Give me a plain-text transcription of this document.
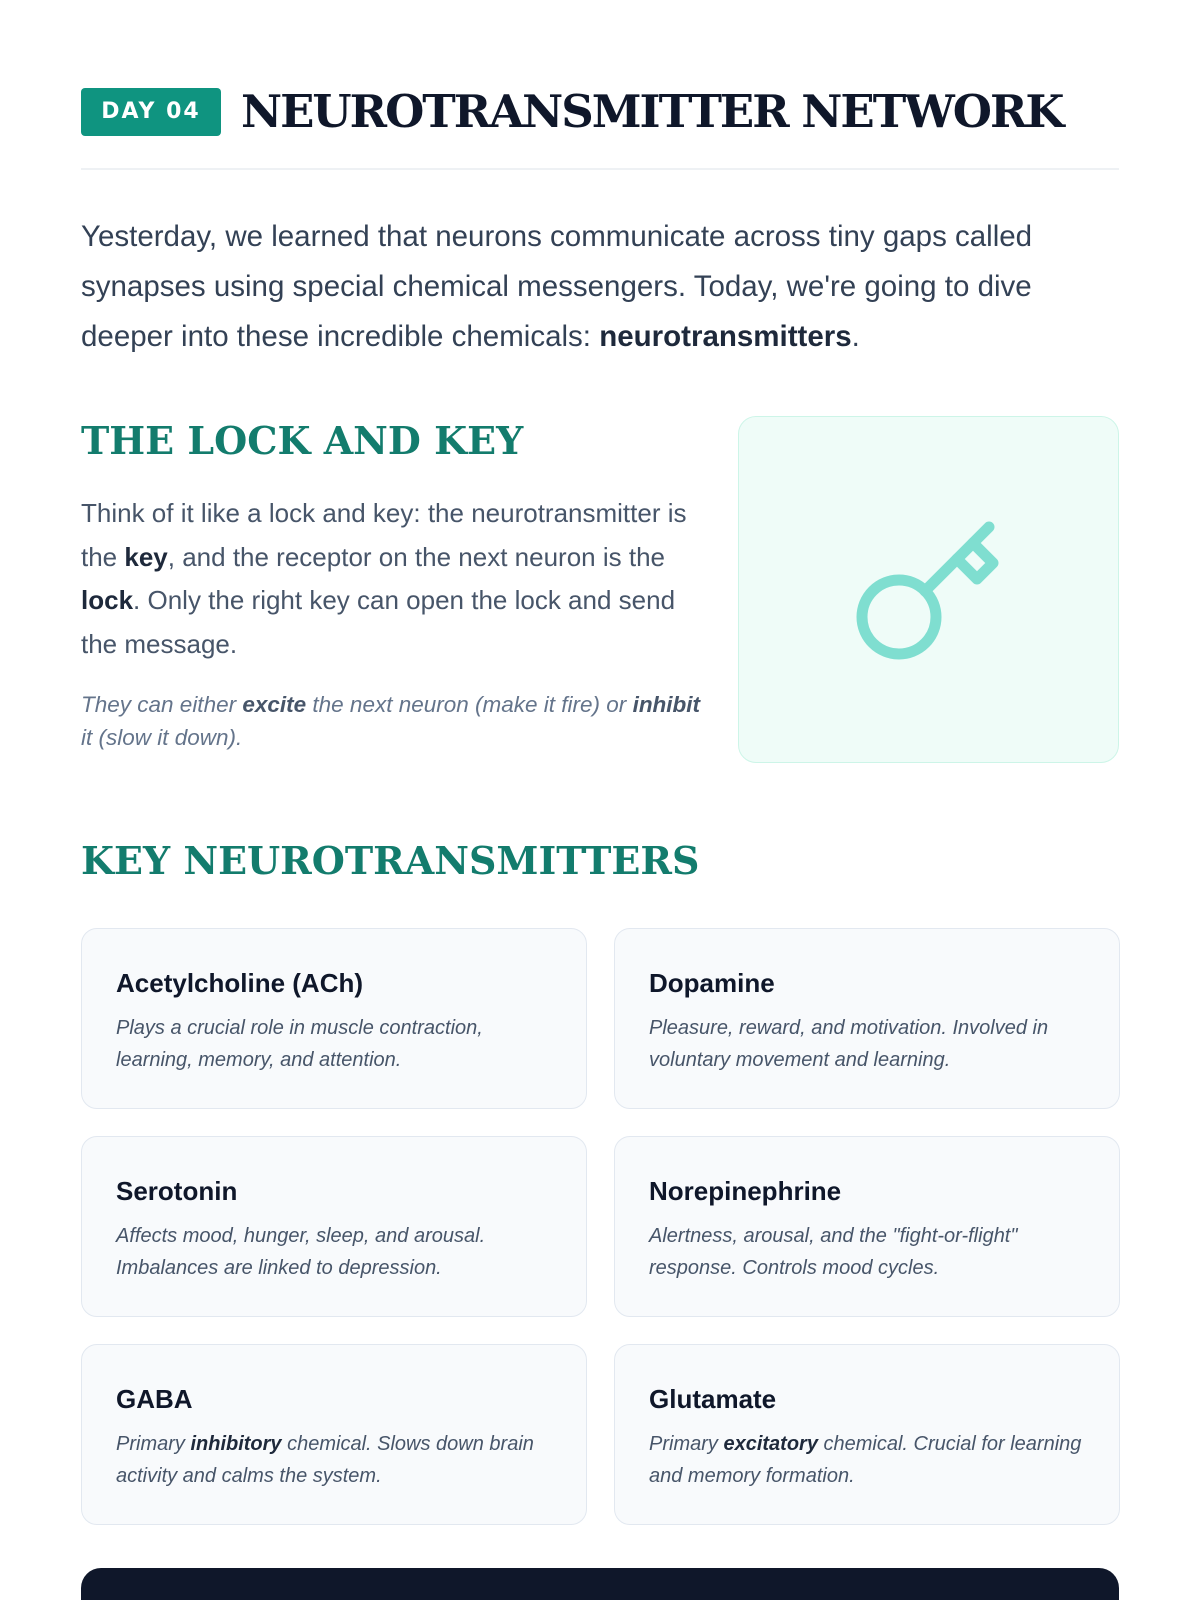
DAY 04 NEUROTRANSMITTER NETWORK

Yesterday, we learned that neurons communicate across tiny gaps called synapses using special chemical messengers. Today, we're going to dive deeper into these incredible chemicals: neurotransmitters.

THE LOCK AND KEY

Think of it like a lock and key: the neurotransmitter is the key, and the receptor on the next neuron is the lock. Only the right key can open the lock and send the message.

They can either excite the next neuron (make it fire) or inhibit it (slow it down).

KEY NEUROTRANSMITTERS
Acetylcholine (ACh)

Plays a crucial role in muscle contraction, learning, memory, and attention.

Dopamine

Pleasure, reward, and motivation. Involved in voluntary movement and learning.

Serotonin

Affects mood, hunger, sleep, and arousal. Imbalances are linked to depression.

Norepinephrine

Alertness, arousal, and the "fight-or-flight" response. Controls mood cycles.

GABA

Primary inhibitory chemical. Slows down brain activity and calms the system.

Glutamate

Primary excitatory chemical. Crucial for learning and memory formation.
